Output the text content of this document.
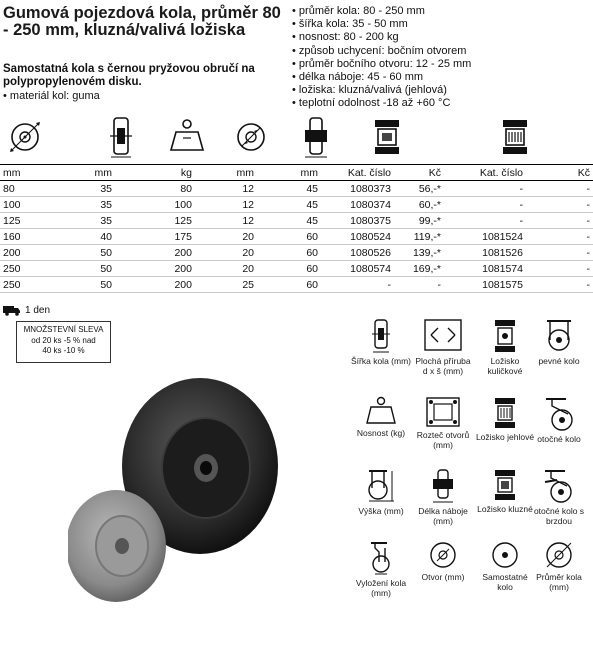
Gumová pojezdová kola, průměr 80 - 250 mm, kluzná/valivá ložiska
Samostatná kola s černou pryžovou obručí na polypropylenovém disku.
• materiál kol: guma
• průměr kola: 80 - 250 mm
• šířka kola: 35 - 50 mm
• nosnost: 80 - 200 kg
• způsob uchycení: bočním otvorem
• průměr bočního otvoru: 12 - 25 mm
• délka náboje: 45 - 60 mm
• ložiska: kluzná/valivá (jehlová)
• teplotní odolnost -18 až +60 °C
mm	mm	kg	mm	mm	Kat. číslo	Kč	Kat. číslo	Kč
80	35	80	12	45	1080373	56,-*	-	-
100	35	100	12	45	1080374	60,-*	-	-
125	35	125	12	45	1080375	99,-*	-	-
160	40	175	20	60	1080524	119,-*	1081524	-
200	50	200	20	60	1080526	139,-*	1081526	-
250	50	200	20	60	1080574	169,-*	1081574	-
250	50	200	25	60	-	-	1081575	-
1 den
MNOŽSTEVNÍ SLEVA
od 20 ks -5 % nad
40 ks -10 %
Šířka kola (mm) Plochá příruba d x š (mm)
Ložisko kuličkové
pevné kolo
Nosnost (kg)	Rozteč otvorů (mm)
Ložisko jehlové otočné kolo
Výška (mm)	Délka náboje (mm)
Ložisko kluzné otočné kolo s brzdou
Vyložení kola (mm)
Otvor (mm)	Samostatné kolo
Průměr kola (mm)
